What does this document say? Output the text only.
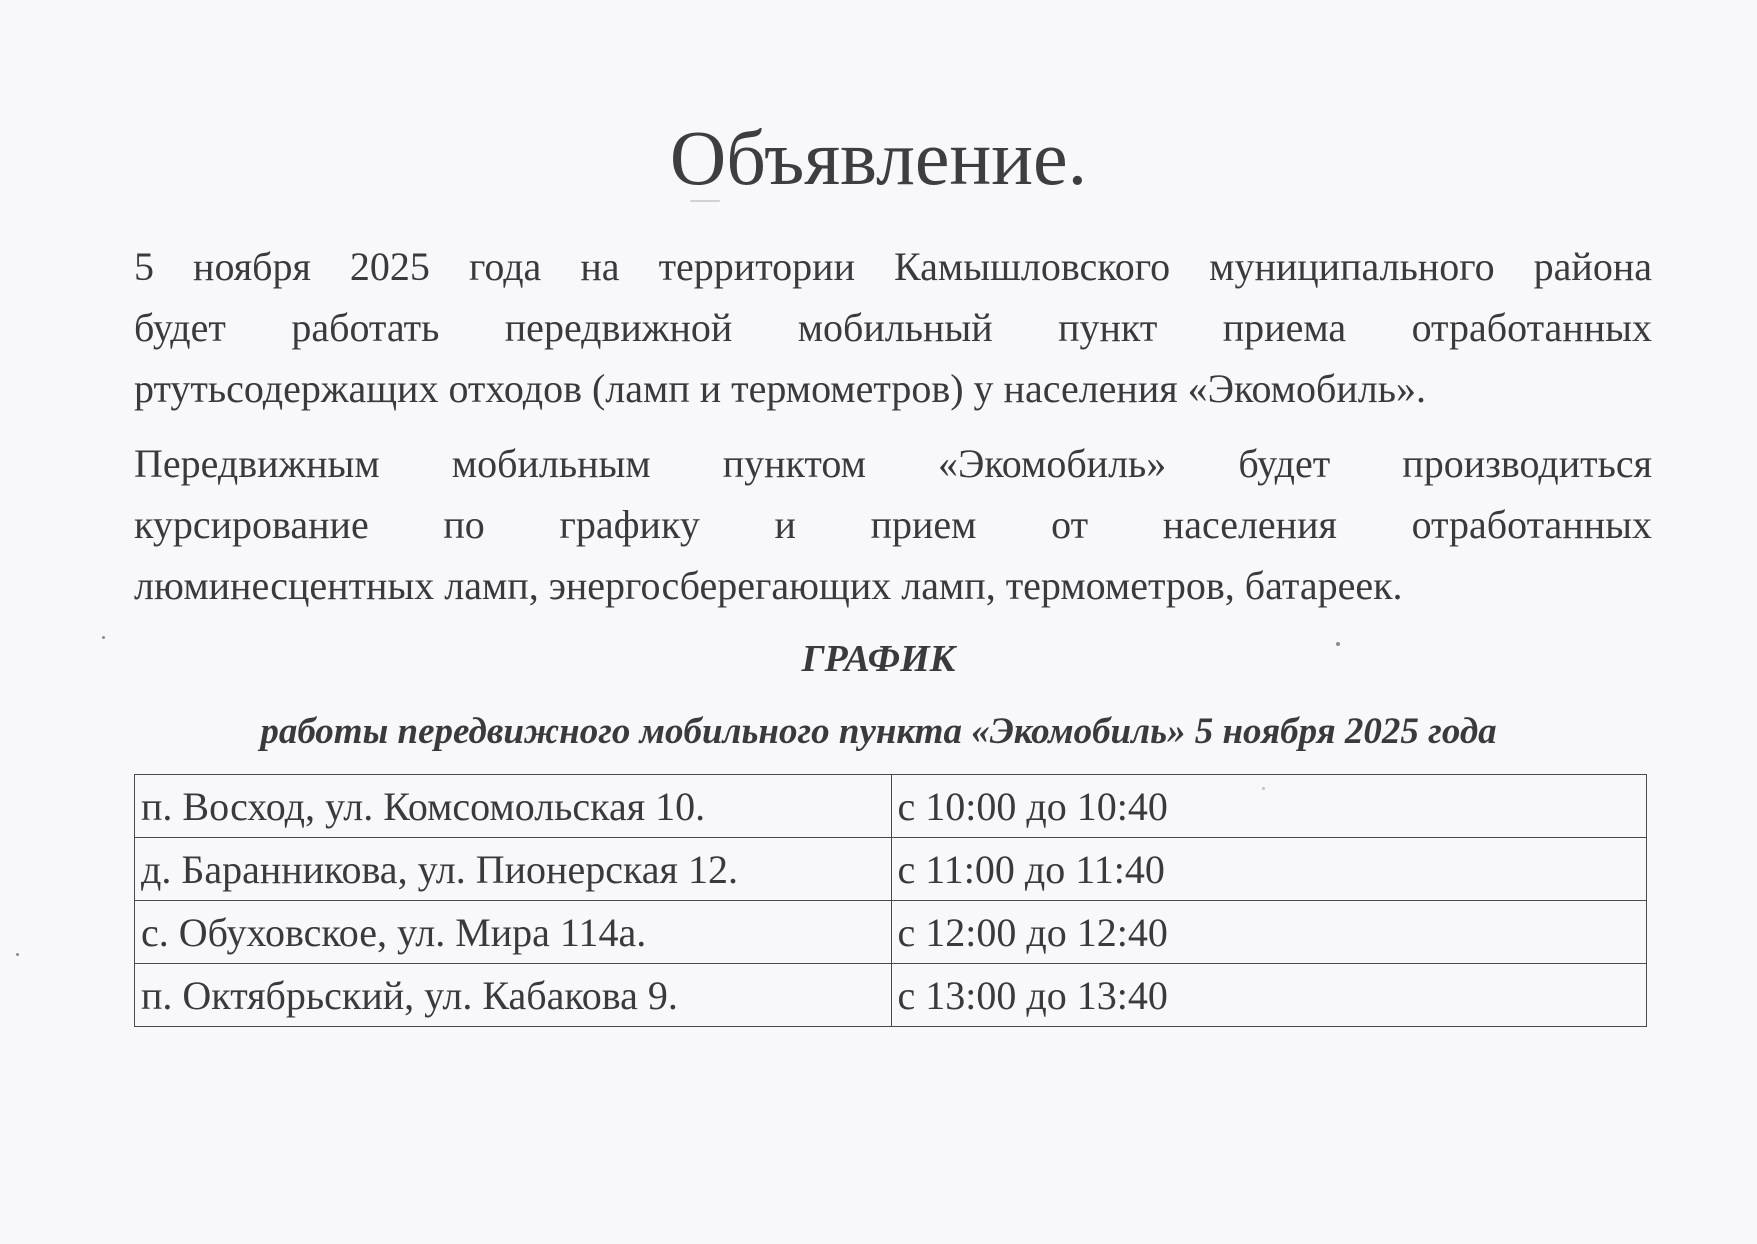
Объявление.
5 ноября 2025 года на территории Камышловского муниципального района
будет работать передвижной мобильный пункт приема отработанных
ртутьсодержащих отходов (ламп и термометров) у населения «Экомобиль».
Передвижным мобильным пунктом «Экомобиль» будет производиться
курсирование по графику и прием от населения отработанных
люминесцентных ламп, энергосберегающих ламп, термометров, батареек.
ГРАФИК
работы передвижного мобильного пункта «Экомобиль» 5 ноября 2025 года
п. Восход, ул. Комсомольская 10.	с 10:00 до 10:40
д. Баранникова, ул. Пионерская 12.	с 11:00 до 11:40
с. Обуховское, ул. Мира 114а.	с 12:00 до 12:40
п. Октябрьский, ул. Кабакова 9.	с 13:00 до 13:40
